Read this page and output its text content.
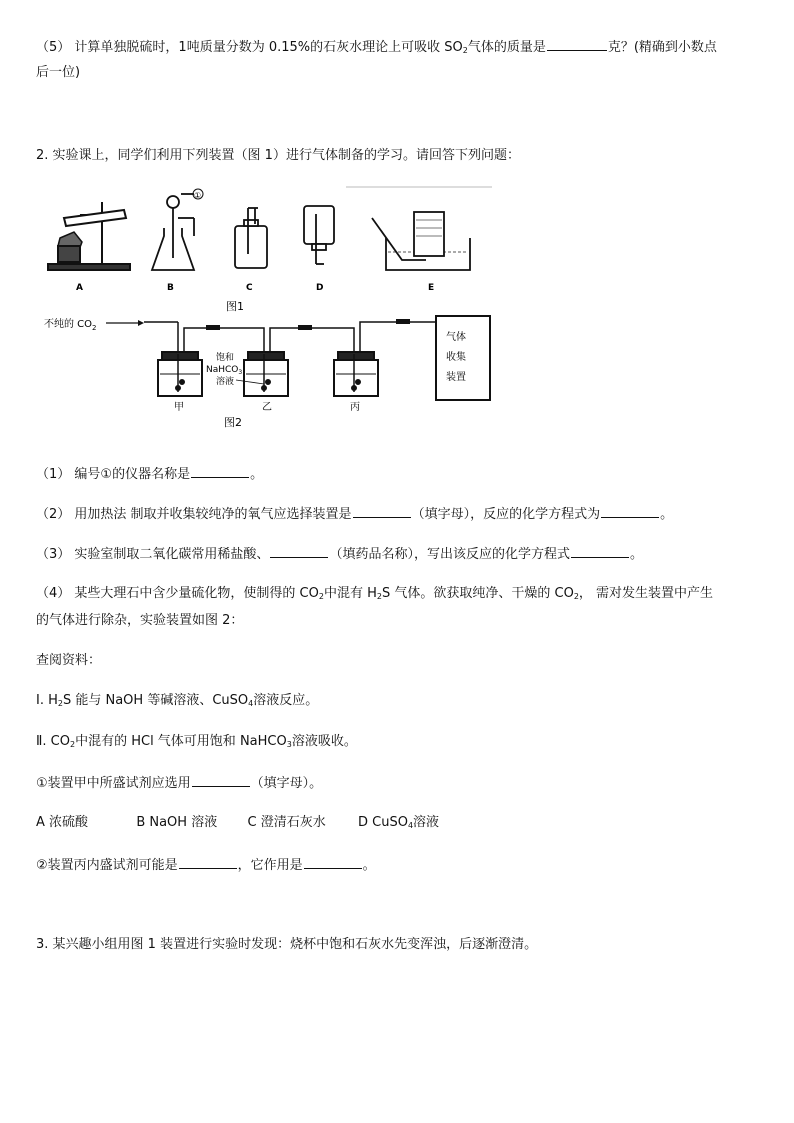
（5） 计算单独脱硫时，1吨质量分数为 0.15%的石灰水理论上可吸收 $SO_2$气体的质量是	克？(精确到小数点
后一位)
2. 实验课上，同学们利用下列装置（图 1）进行气体制备的学习。请回答下列问题：
A
①
B	C	D	E
图1
不纯的 $CO_2$
饱和
NaHCO$_3$
溶液
甲	乙	丙
气体
收集
装置
图2
（1） 编号①的仪器名称是	。
（2） 用加热法 制取并收集较纯净的氧气应选择装置是	（填字母），反应的化学方程式为	。
（3） 实验室制取二氧化碳常用稀盐酸、	（填药品名称），写出该反应的化学方程式	。
（4） 某些大理石中含少量硫化物，使制得的 $CO_2$中混有 $H_2S$ 气体。欲获取纯净、干燥的 $CO_2$， 需对发生装置中产生
的气体进行除杂，实验装置如图 2：
查阅资料：
Ⅰ. $H_2S$ 能与 NaOH 等碱溶液、CuSO$_4$溶液反应。
Ⅱ. $CO_2$中混有的 HCl 气体可用饱和 NaHCO$_3$溶液吸收。
①装置甲中所盛试剂应选用	（填字母）。
A 浓硫酸	B NaOH 溶液 C 澄清石灰水 D CuSO$_4$溶液
②装置丙内盛试剂可能是	，它作用是	。
3. 某兴趣小组用图 1 装置进行实验时发现：烧杯中饱和石灰水先变浑浊，后逐渐澄清。
